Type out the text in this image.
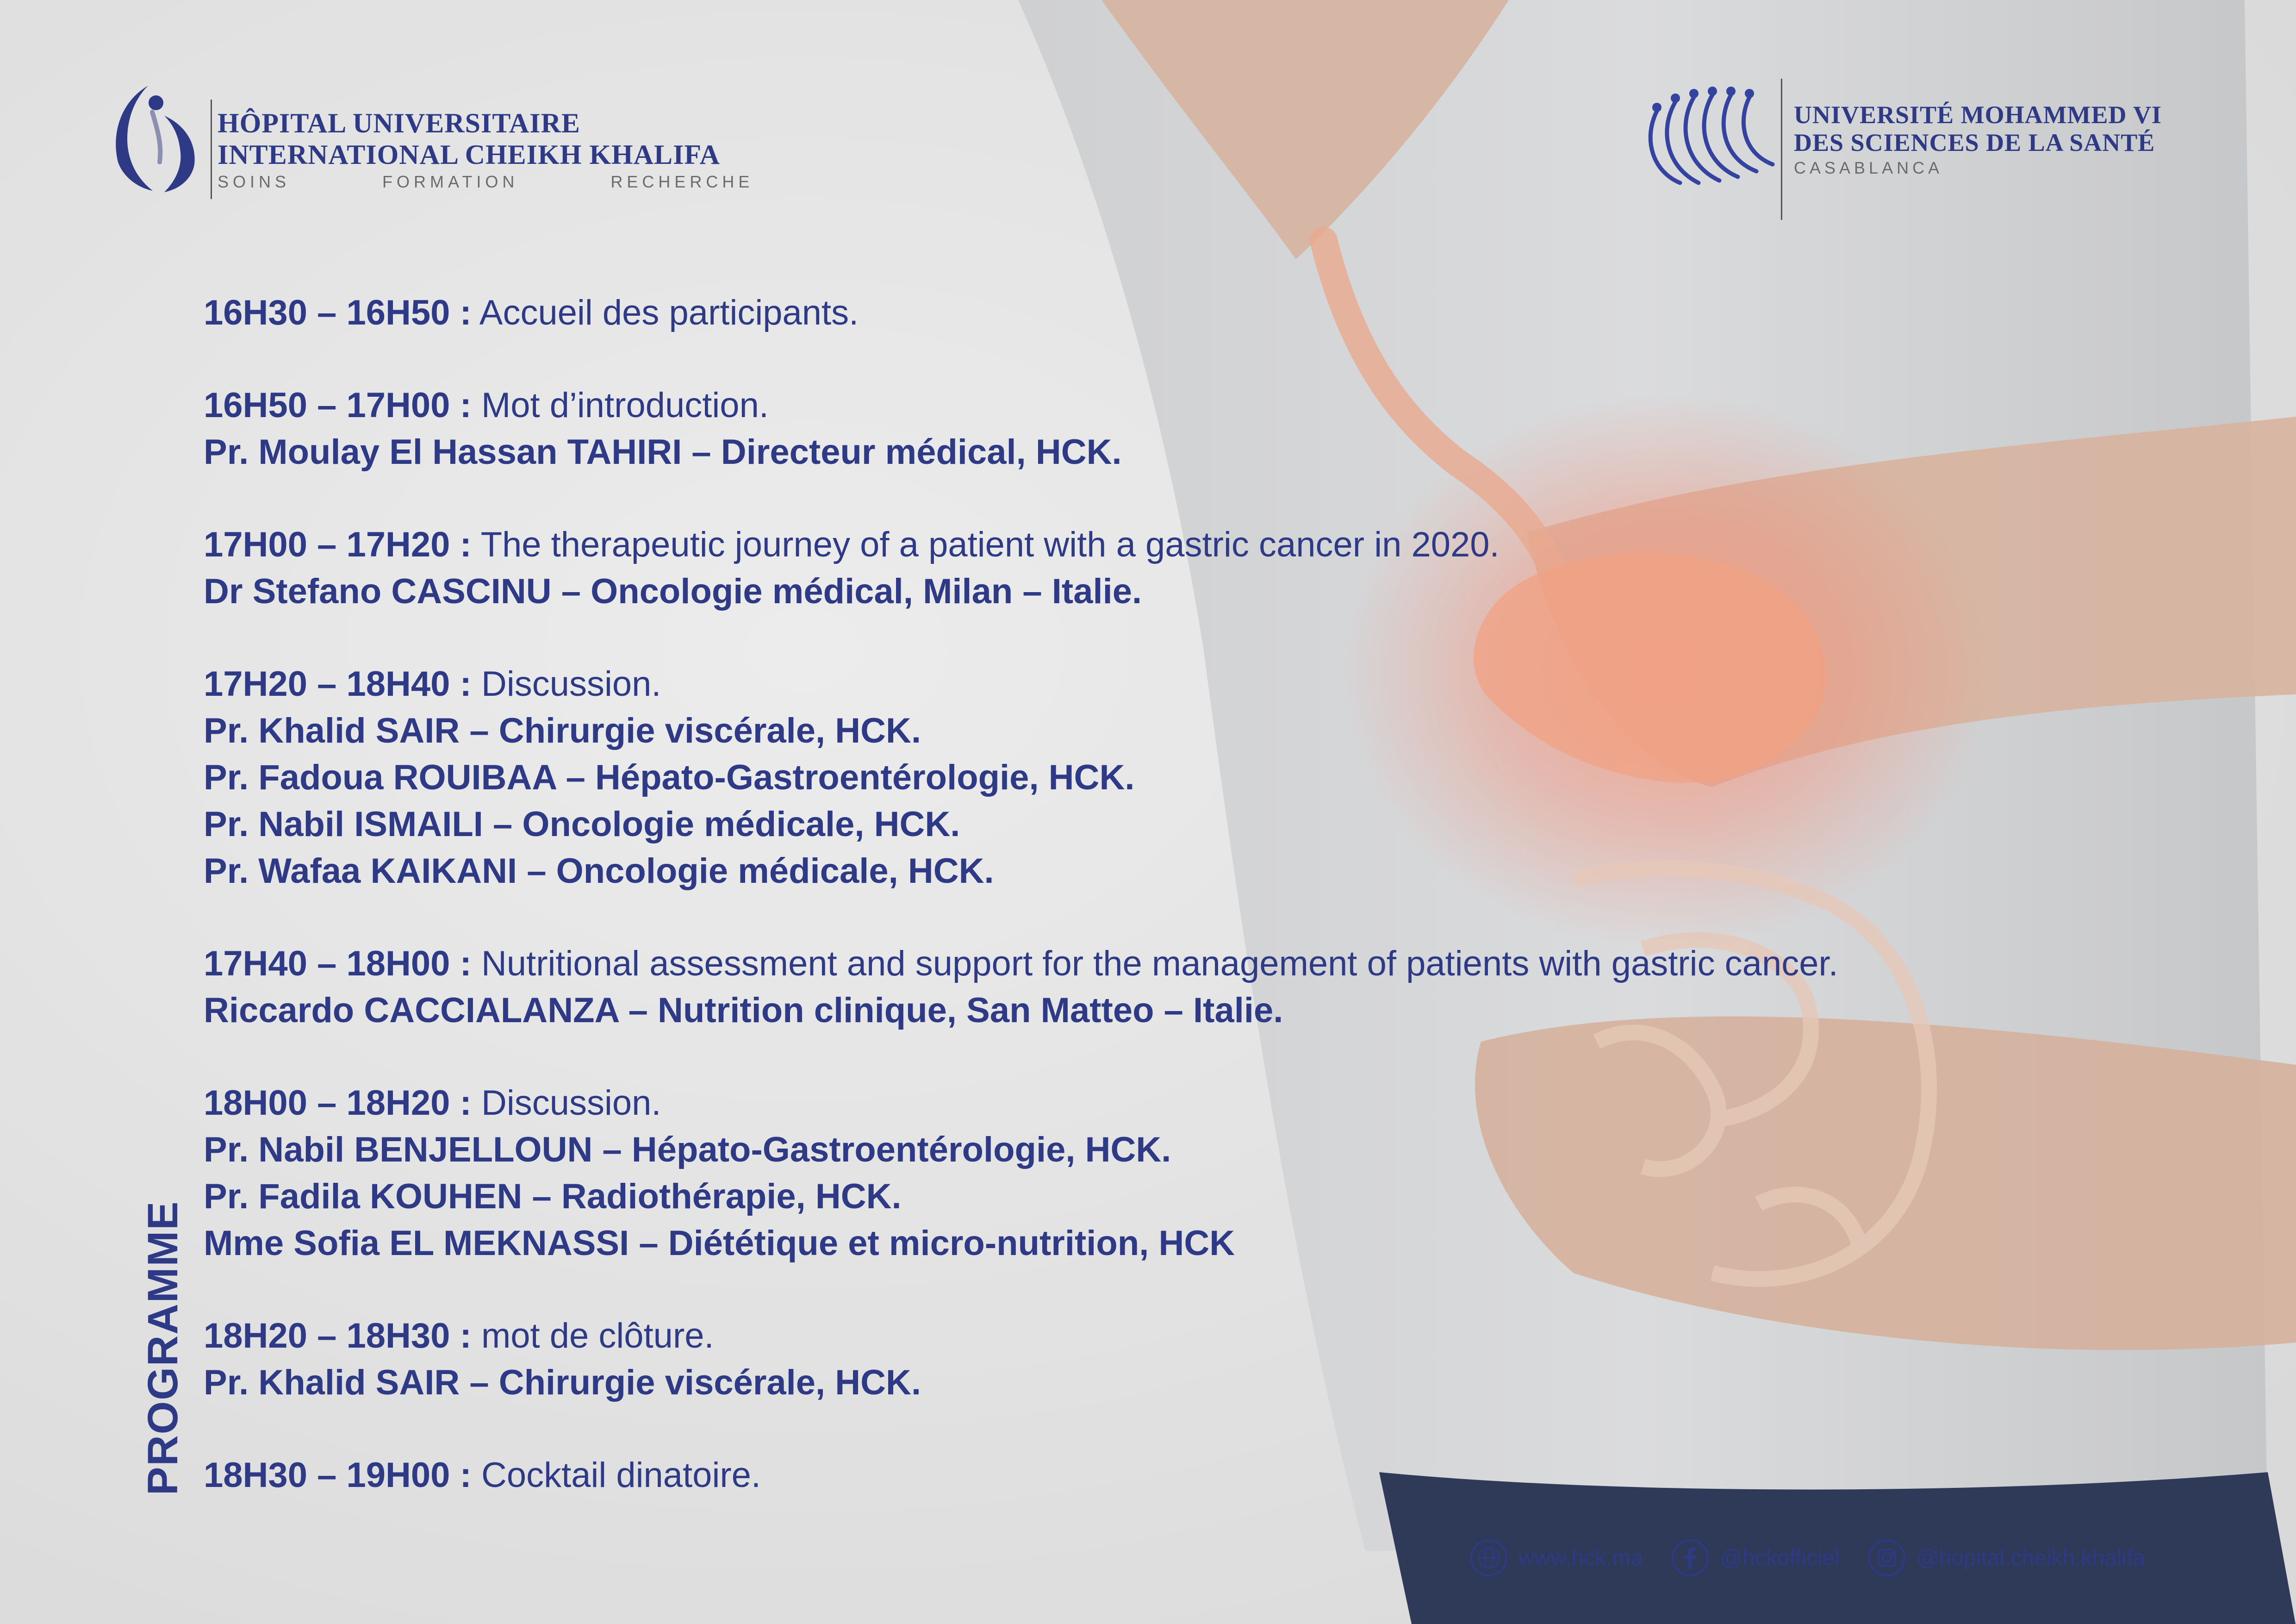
HÔPITAL UNIVERSITAIRE
INTERNATIONAL CHEIKH KHALIFA
SOINS FORMATION RECHERCHE
UNIVERSITÉ MOHAMMED VI
DES SCIENCES DE LA SANTÉ
CASABLANCA
PROGRAMME
16H30 – 16H50 : Accueil des participants.
16H50 – 17H00 : Mot d’introduction.
Pr. Moulay El Hassan TAHIRI – Directeur médical, HCK.
17H00 – 17H20 : The therapeutic journey of a patient with a gastric cancer in 2020.
Dr Stefano CASCINU – Oncologie médical, Milan – Italie.
17H20 – 18H40 : Discussion.
Pr. Khalid SAIR – Chirurgie viscérale, HCK.
Pr. Fadoua ROUIBAA – Hépato-Gastroentérologie, HCK.
Pr. Nabil ISMAILI – Oncologie médicale, HCK.
Pr. Wafaa KAIKANI – Oncologie médicale, HCK.
17H40 – 18H00 : Nutritional assessment and support for the management of patients with gastric cancer.
Riccardo CACCIALANZA – Nutrition clinique, San Matteo – Italie.
18H00 – 18H20 : Discussion.
Pr. Nabil BENJELLOUN – Hépato-Gastroentérologie, HCK.
Pr. Fadila KOUHEN – Radiothérapie, HCK.
Mme Sofia EL MEKNASSI – Diététique et micro-nutrition, HCK
18H20 – 18H30 : mot de clôture.
Pr. Khalid SAIR – Chirurgie viscérale, HCK.
18H30 – 19H00 : Cocktail dinatoire.
www.hck.ma	@hckofficiel	@hopital.cheikh.khalifa
